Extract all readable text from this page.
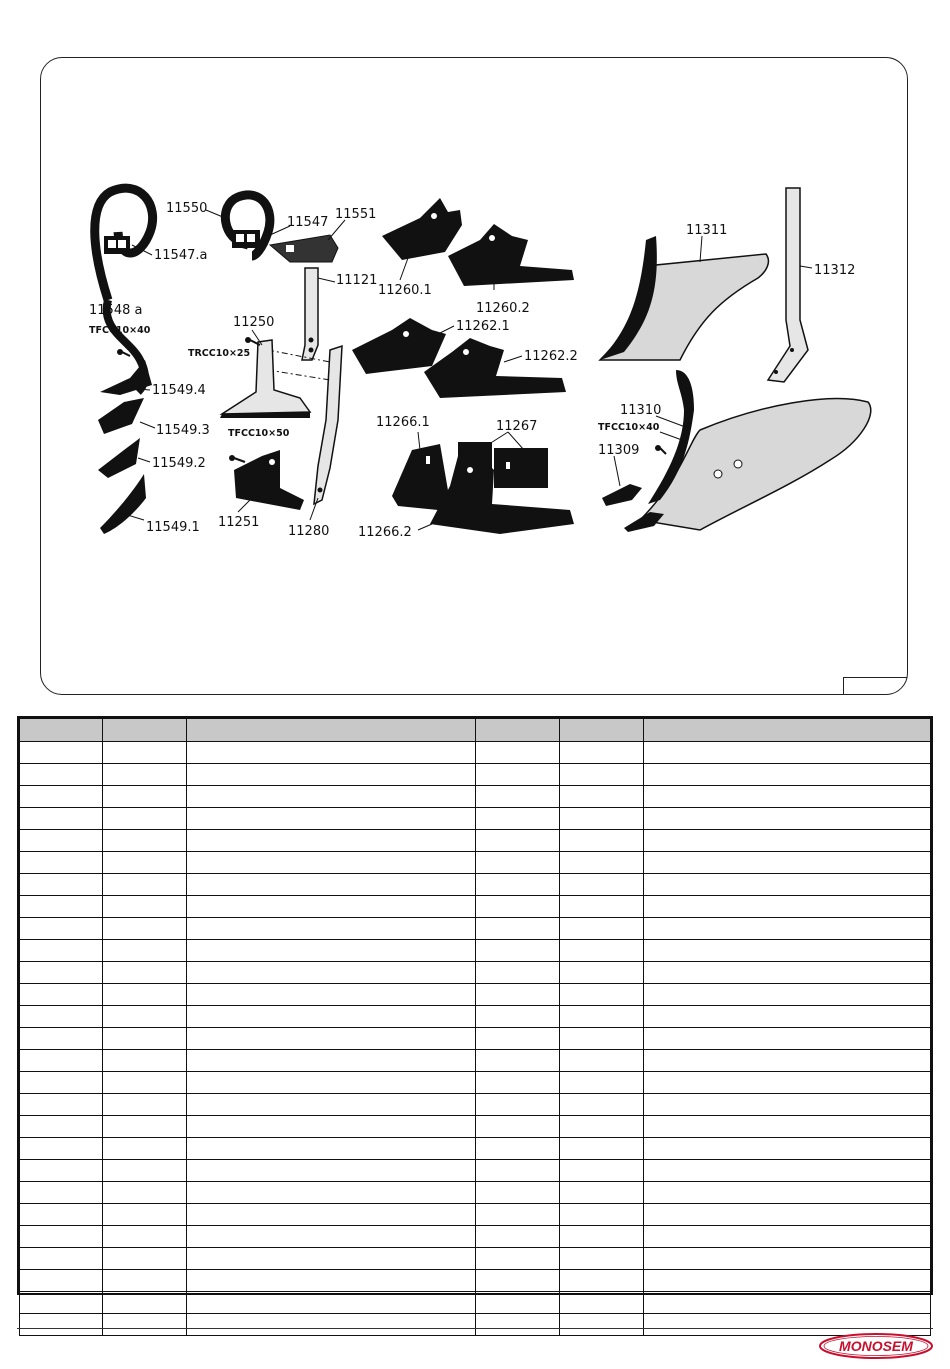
11550
11547
11551
11547.a
11548 a
TFCC10×40
11250
TRCC10×25
11121
11549.4
11549.3 TFCC10×50
11549.2
11549.1 11251
11280
11260.1
11260.2
11262.1
11262.2
11266.1	11267
11266.2
11311
11312
11310
TFCC10×40
11309

MONOSEM
